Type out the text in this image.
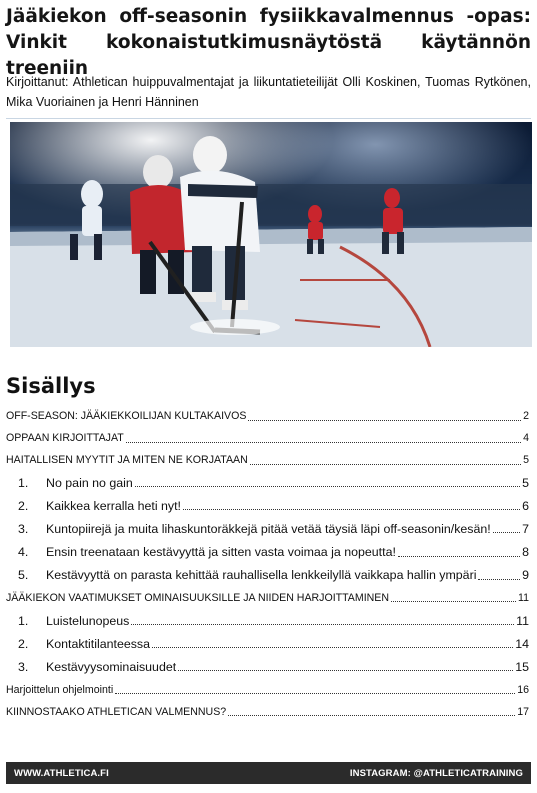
Jääkiekon off-seasonin fysiikkavalmennus -opas: Vinkit kokonaistutkimusnäytöstä käytännön treeniin

Kirjoittanut: Athletican huippuvalmentajat ja liikuntatieteilijät Olli Koskinen, Tuomas Rytkönen, Mika Vuoriainen ja Henri Hänninen

Sisällys
OFF-SEASON: JÄÄKIEKKOILIJAN KULTAKAIVOS	2
OPPAAN KIRJOITTAJAT	4
HAITALLISEN MYYTIT JA MITEN NE KORJATAAN	5
1.	No pain no gain	5
2.	Kaikkea kerralla heti nyt!	6
3.	Kuntopiirejä ja muita lihaskuntoräkkejä pitää vetää täysiä läpi off-seasonin/kesän!	7
4.	Ensin treenataan kestävyyttä ja sitten vasta voimaa ja nopeutta!	8
5.	Kestävyyttä on parasta kehittää rauhallisella lenkkeilyllä vaikkapa hallin ympäri	9
JÄÄKIEKON VAATIMUKSET OMINAISUUKSILLE JA NIIDEN HARJOITTAMINEN	11
1.	Luistelunopeus	11
2.	Kontaktitilanteessa	14
3.	Kestävyysominaisuudet	15
Harjoittelun ohjelmointi	16
KIINNOSTAAKO ATHLETICAN VALMENNUS?	17
WWW.ATHLETICA.FI	INSTAGRAM: @ATHLETICATRAINING
